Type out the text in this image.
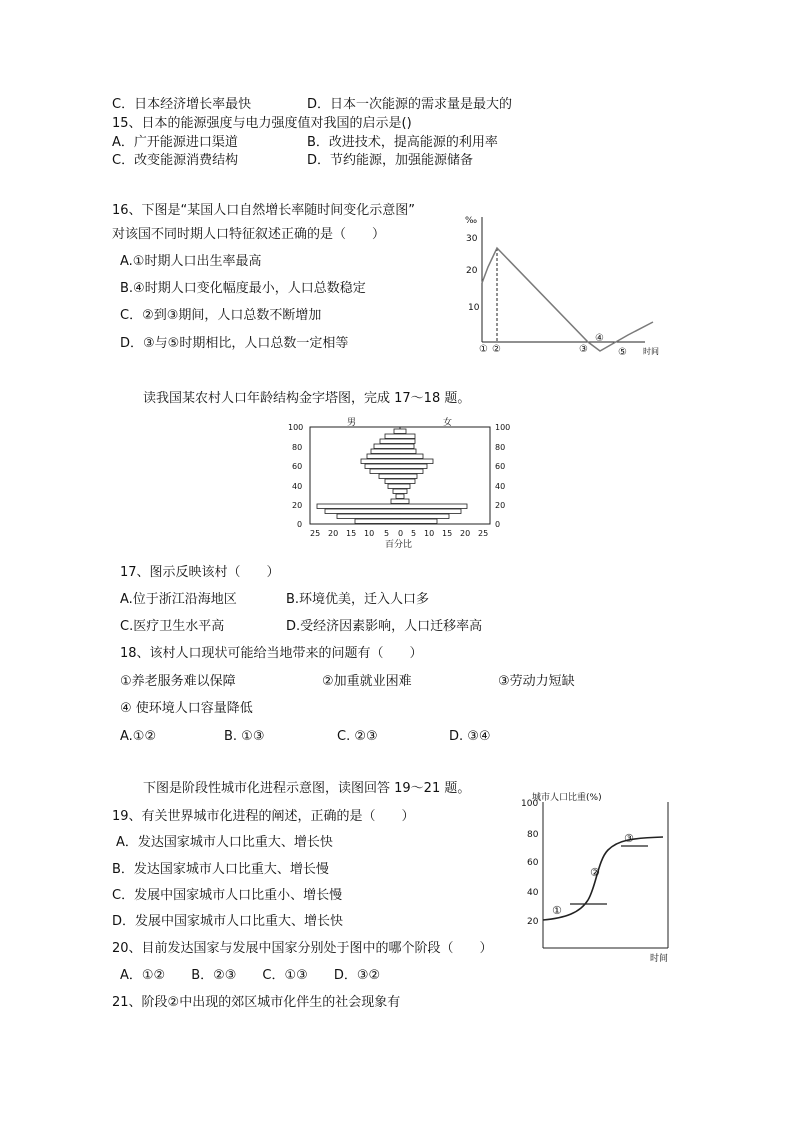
C．日本经济增长率最快	D．日本一次能源的需求量是最大的
15、日本的能源强度与电力强度值对我国的启示是()
A．广开能源进口渠道	B．改进技术，提高能源的利用率
C．改变能源消费结构	D．节约能源，加强能源储备
16、下图是“某国人口自然增长率随时间变化示意图”
对该国不同时期人口特征叙述正确的是（　　）
A.①时期人口出生率最高
B.④时期人口变化幅度最小，人口总数稳定
C．②到③期间，人口总数不断增加
D．③与⑤时期相比，人口总数一定相等
‰
30
20
10
① ②	③
④
⑤ 时间
读我国某农村人口年龄结构金字塔图，完成 17～18 题。
男	女
100
80
60
40
20
0
100
80
60
40
20
0
25 20 15 10 5 0 5 10 15 20 25
百分比
17、图示反映该村（　　）
A.位于浙江沿海地区	B.环境优美，迁入人口多
C.医疗卫生水平高	D.受经济因素影响，人口迁移率高
18、该村人口现状可能给当地带来的问题有（　　）
①养老服务难以保障	②加重就业困难	③劳动力短缺
④ 使环境人口容量降低
A.①②	B. ①③	C. ②③	D. ③④
下图是阶段性城市化进程示意图，读图回答 19～21 题。
19、有关世界城市化进程的阐述，正确的是（　　）
A．发达国家城市人口比重大、增长快
B．发达国家城市人口比重大、增长慢
C．发展中国家城市人口比重小、增长慢
D．发展中国家城市人口比重大、增长快
20、目前发达国家与发展中国家分别处于图中的哪个阶段（　　）
A．①②　　B．②③　　C．①③　　D．③②
21、阶段②中出现的郊区城市化伴生的社会现象有
城市人口比重(%)
100
80
60
40
20
①
②
③
时间
